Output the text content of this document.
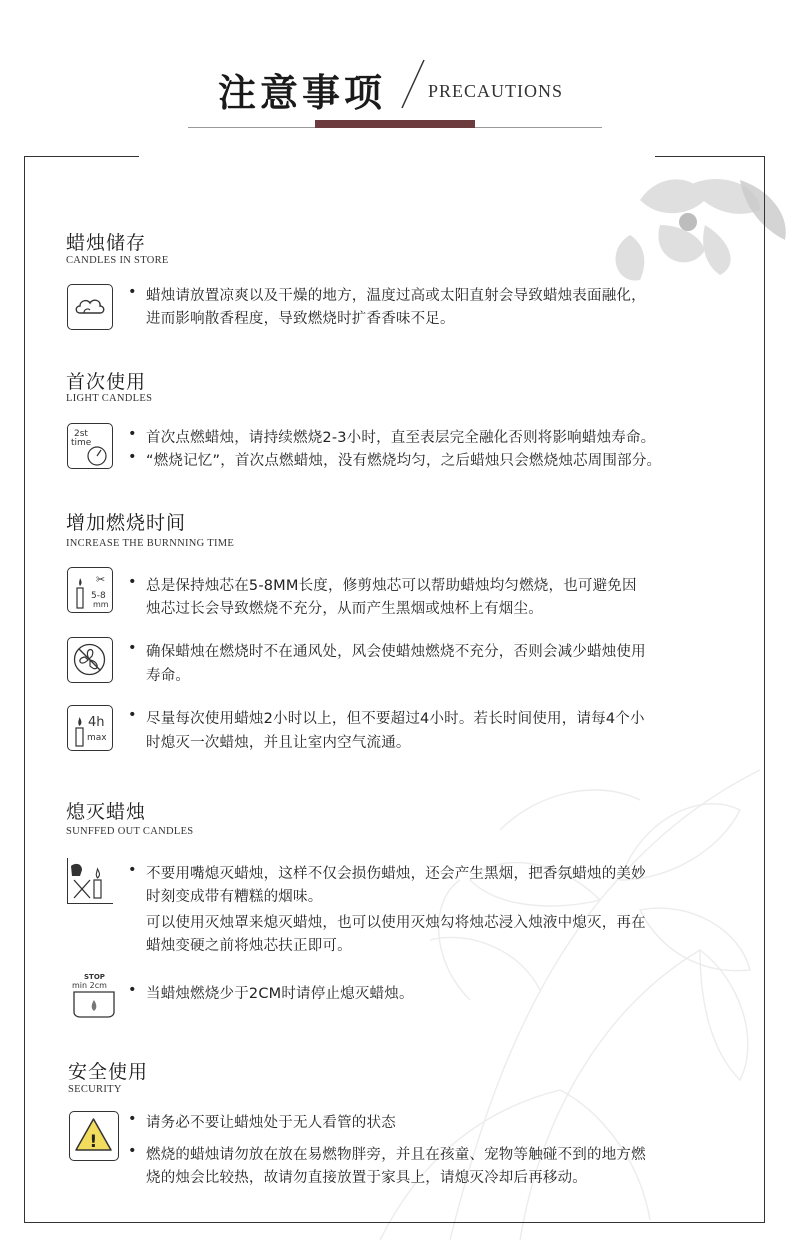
注意事项 PRECAUTIONS
蜡烛储存
CANDLES IN STORE
• 蜡烛请放置凉爽以及干燥的地方，温度过高或太阳直射会导致蜡烛表面融化，
进而影响散香程度，导致燃烧时扩香香味不足。
首次使用
LIGHT CANDLES
2st
time
• 首次点燃蜡烛，请持续燃烧2-3小时，直至表层完全融化否则将影响蜡烛寿命。
• “燃烧记忆”，首次点燃蜡烛，没有燃烧均匀，之后蜡烛只会燃烧烛芯周围部分。
增加燃烧时间
INCREASE THE BURNNING TIME
✂
5-8
mm
• 总是保持烛芯在5-8MM长度，修剪烛芯可以帮助蜡烛均匀燃烧，也可避免因
烛芯过长会导致燃烧不充分，从而产生黑烟或烛杯上有烟尘。
• 确保蜡烛在燃烧时不在通风处，风会使蜡烛燃烧不充分，否则会减少蜡烛使用
寿命。
4h
max
• 尽量每次使用蜡烛2小时以上，但不要超过4小时。若长时间使用，请每4个小
时熄灭一次蜡烛，并且让室内空气流通。
熄灭蜡烛
SUNFFED OUT CANDLES
• 不要用嘴熄灭蜡烛，这样不仅会损伤蜡烛，还会产生黑烟，把香氛蜡烛的美妙
时刻变成带有糟糕的烟味。
可以使用灭烛罩来熄灭蜡烛，也可以使用灭烛勾将烛芯浸入烛液中熄灭，再在
蜡烛变硬之前将烛芯扶正即可。
STOP
min 2cm • 当蜡烛燃烧少于2CM时请停止熄灭蜡烛。
安全使用
SECURITY
!
• 请务必不要让蜡烛处于无人看管的状态
• 燃烧的蜡烛请勿放在放在易燃物胖旁，并且在孩童、宠物等触碰不到的地方燃
烧的烛会比较热，故请勿直接放置于家具上，请熄灭冷却后再移动。
